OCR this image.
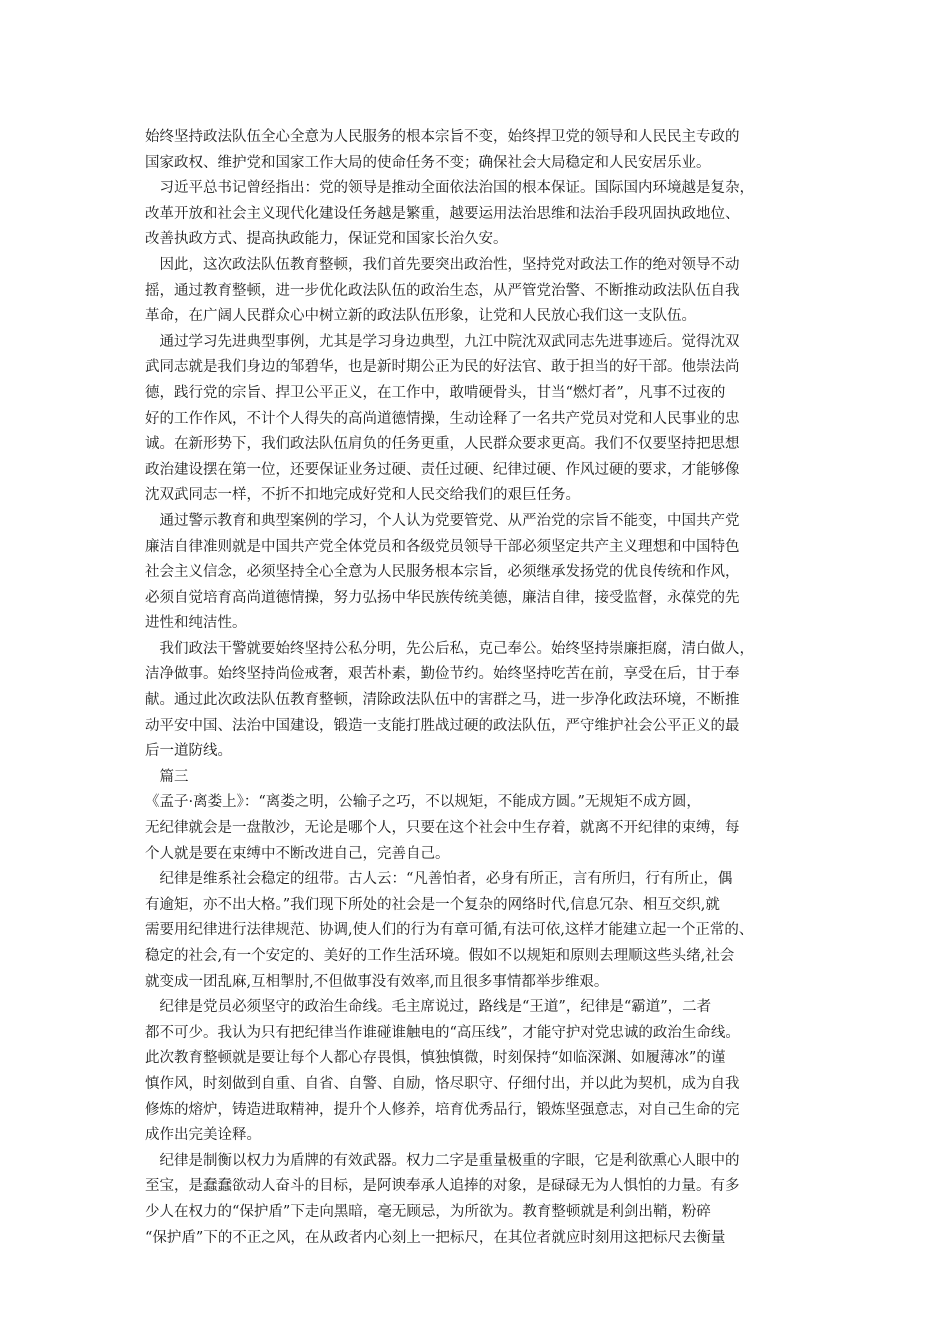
始终坚持政法队伍全心全意为人民服务的根本宗旨不变，始终捍卫党的领导和人民民主专政的
国家政权、维护党和国家工作大局的使命任务不变；确保社会大局稳定和人民安居乐业。
　习近平总书记曾经指出：党的领导是推动全面依法治国的根本保证。国际国内环境越是复杂，
改革开放和社会主义现代化建设任务越是繁重，越要运用法治思维和法治手段巩固执政地位、
改善执政方式、提高执政能力，保证党和国家长治久安。
　因此，这次政法队伍教育整顿，我们首先要突出政治性，坚持党对政法工作的绝对领导不动
摇，通过教育整顿，进一步优化政法队伍的政治生态，从严管党治警、不断推动政法队伍自我
革命，在广阔人民群众心中树立新的政法队伍形象，让党和人民放心我们这一支队伍。
　通过学习先进典型事例，尤其是学习身边典型，九江中院沈双武同志先进事迹后。觉得沈双
武同志就是我们身边的邹碧华，也是新时期公正为民的好法官、敢于担当的好干部。他崇法尚
德，践行党的宗旨、捍卫公平正义，在工作中，敢啃硬骨头，甘当“燃灯者”，凡事不过夜的
好的工作作风，不计个人得失的高尚道德情操，生动诠释了一名共产党员对党和人民事业的忠
诚。在新形势下，我们政法队伍肩负的任务更重，人民群众要求更高。我们不仅要坚持把思想
政治建设摆在第一位，还要保证业务过硬、责任过硬、纪律过硬、作风过硬的要求，才能够像
沈双武同志一样，不折不扣地完成好党和人民交给我们的艰巨任务。
　通过警示教育和典型案例的学习，个人认为党要管党、从严治党的宗旨不能变，中国共产党
廉洁自律准则就是中国共产党全体党员和各级党员领导干部必须坚定共产主义理想和中国特色
社会主义信念，必须坚持全心全意为人民服务根本宗旨，必须继承发扬党的优良传统和作风，
必须自觉培育高尚道德情操，努力弘扬中华民族传统美德，廉洁自律，接受监督，永葆党的先
进性和纯洁性。
　我们政法干警就要始终坚持公私分明，先公后私，克己奉公。始终坚持崇廉拒腐，清白做人，
洁净做事。始终坚持尚俭戒奢，艰苦朴素，勤俭节约。始终坚持吃苦在前，享受在后，甘于奉
献。通过此次政法队伍教育整顿，清除政法队伍中的害群之马，进一步净化政法环境，不断推
动平安中国、法治中国建设，锻造一支能打胜战过硬的政法队伍，严守维护社会公平正义的最
后一道防线。
　篇三
《孟子·离娄上》：“离娄之明，公输子之巧，不以规矩，不能成方圆。”无规矩不成方圆，
无纪律就会是一盘散沙，无论是哪个人，只要在这个社会中生存着，就离不开纪律的束缚，每
个人就是要在束缚中不断改进自己，完善自己。
　纪律是维系社会稳定的纽带。古人云：“凡善怕者，必身有所正，言有所归，行有所止，偶
有逾矩，亦不出大格。”我们现下所处的社会是一个复杂的网络时代,信息冗杂、相互交织,就
需要用纪律进行法律规范、协调,使人们的行为有章可循,有法可依,这样才能建立起一个正常的、
稳定的社会,有一个安定的、美好的工作生活环境。假如不以规矩和原则去理顺这些头绪,社会
就变成一团乱麻,互相掣肘,不但做事没有效率,而且很多事情都举步维艰。
　纪律是党员必须坚守的政治生命线。毛主席说过，路线是“王道”，纪律是“霸道”，二者
都不可少。我认为只有把纪律当作谁碰谁触电的“高压线”，才能守护对党忠诚的政治生命线。
此次教育整顿就是要让每个人都心存畏惧，慎独慎微，时刻保持“如临深渊、如履薄冰”的谨
慎作风，时刻做到自重、自省、自警、自励，恪尽职守、仔细付出，并以此为契机，成为自我
修炼的熔炉，铸造进取精神，提升个人修养，培育优秀品行，锻炼坚强意志，对自己生命的完
成作出完美诠释。
　纪律是制衡以权力为盾牌的有效武器。权力二字是重量极重的字眼，它是利欲熏心人眼中的
至宝，是蠢蠢欲动人奋斗的目标，是阿谀奉承人追捧的对象，是碌碌无为人惧怕的力量。有多
少人在权力的“保护盾”下走向黑暗，毫无顾忌，为所欲为。教育整顿就是利剑出鞘，粉碎
“保护盾”下的不正之风，在从政者内心刻上一把标尺，在其位者就应时刻用这把标尺去衡量
